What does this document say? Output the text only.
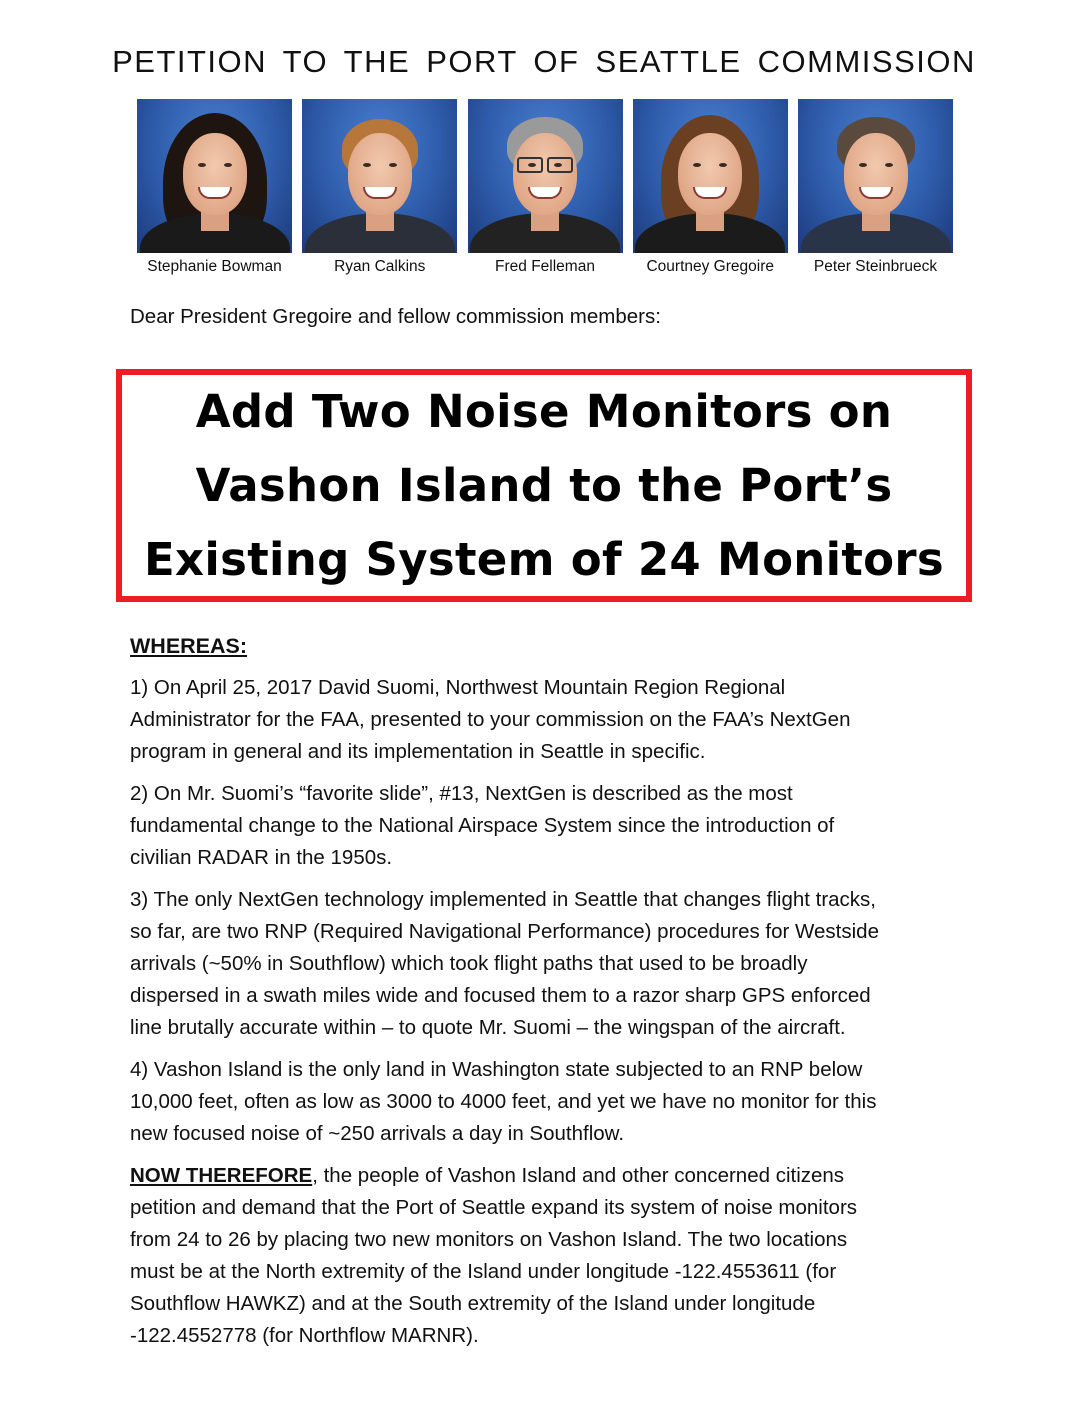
PETITION TO THE PORT OF SEATTLE COMMISSION
Stephanie Bowman	Ryan Calkins	Fred Felleman	Courtney Gregoire	Peter Steinbrueck
Dear President Gregoire and fellow commission members:
Add Two Noise Monitors on
Vashon Island to the Port’s
Existing System of 24 Monitors
WHEREAS:
1) On April 25, 2017 David Suomi, Northwest Mountain Region Regional
Administrator for the FAA, presented to your commission on the FAA’s NextGen
program in general and its implementation in Seattle in specific.
2) On Mr. Suomi’s “favorite slide”, #13, NextGen is described as the most
fundamental change to the National Airspace System since the introduction of
civilian RADAR in the 1950s.
3) The only NextGen technology implemented in Seattle that changes flight tracks,
so far, are two RNP (Required Navigational Performance) procedures for Westside
arrivals (~50% in Southflow) which took flight paths that used to be broadly
dispersed in a swath miles wide and focused them to a razor sharp GPS enforced
line brutally accurate within – to quote Mr. Suomi – the wingspan of the aircraft.
4) Vashon Island is the only land in Washington state subjected to an RNP below
10,000 feet, often as low as 3000 to 4000 feet, and yet we have no monitor for this
new focused noise of ~250 arrivals a day in Southflow.
NOW THEREFORE, the people of Vashon Island and other concerned citizens
petition and demand that the Port of Seattle expand its system of noise monitors
from 24 to 26 by placing two new monitors on Vashon Island. The two locations
must be at the North extremity of the Island under longitude -122.4553611 (for
Southflow HAWKZ) and at the South extremity of the Island under longitude
-122.4552778 (for Northflow MARNR).
